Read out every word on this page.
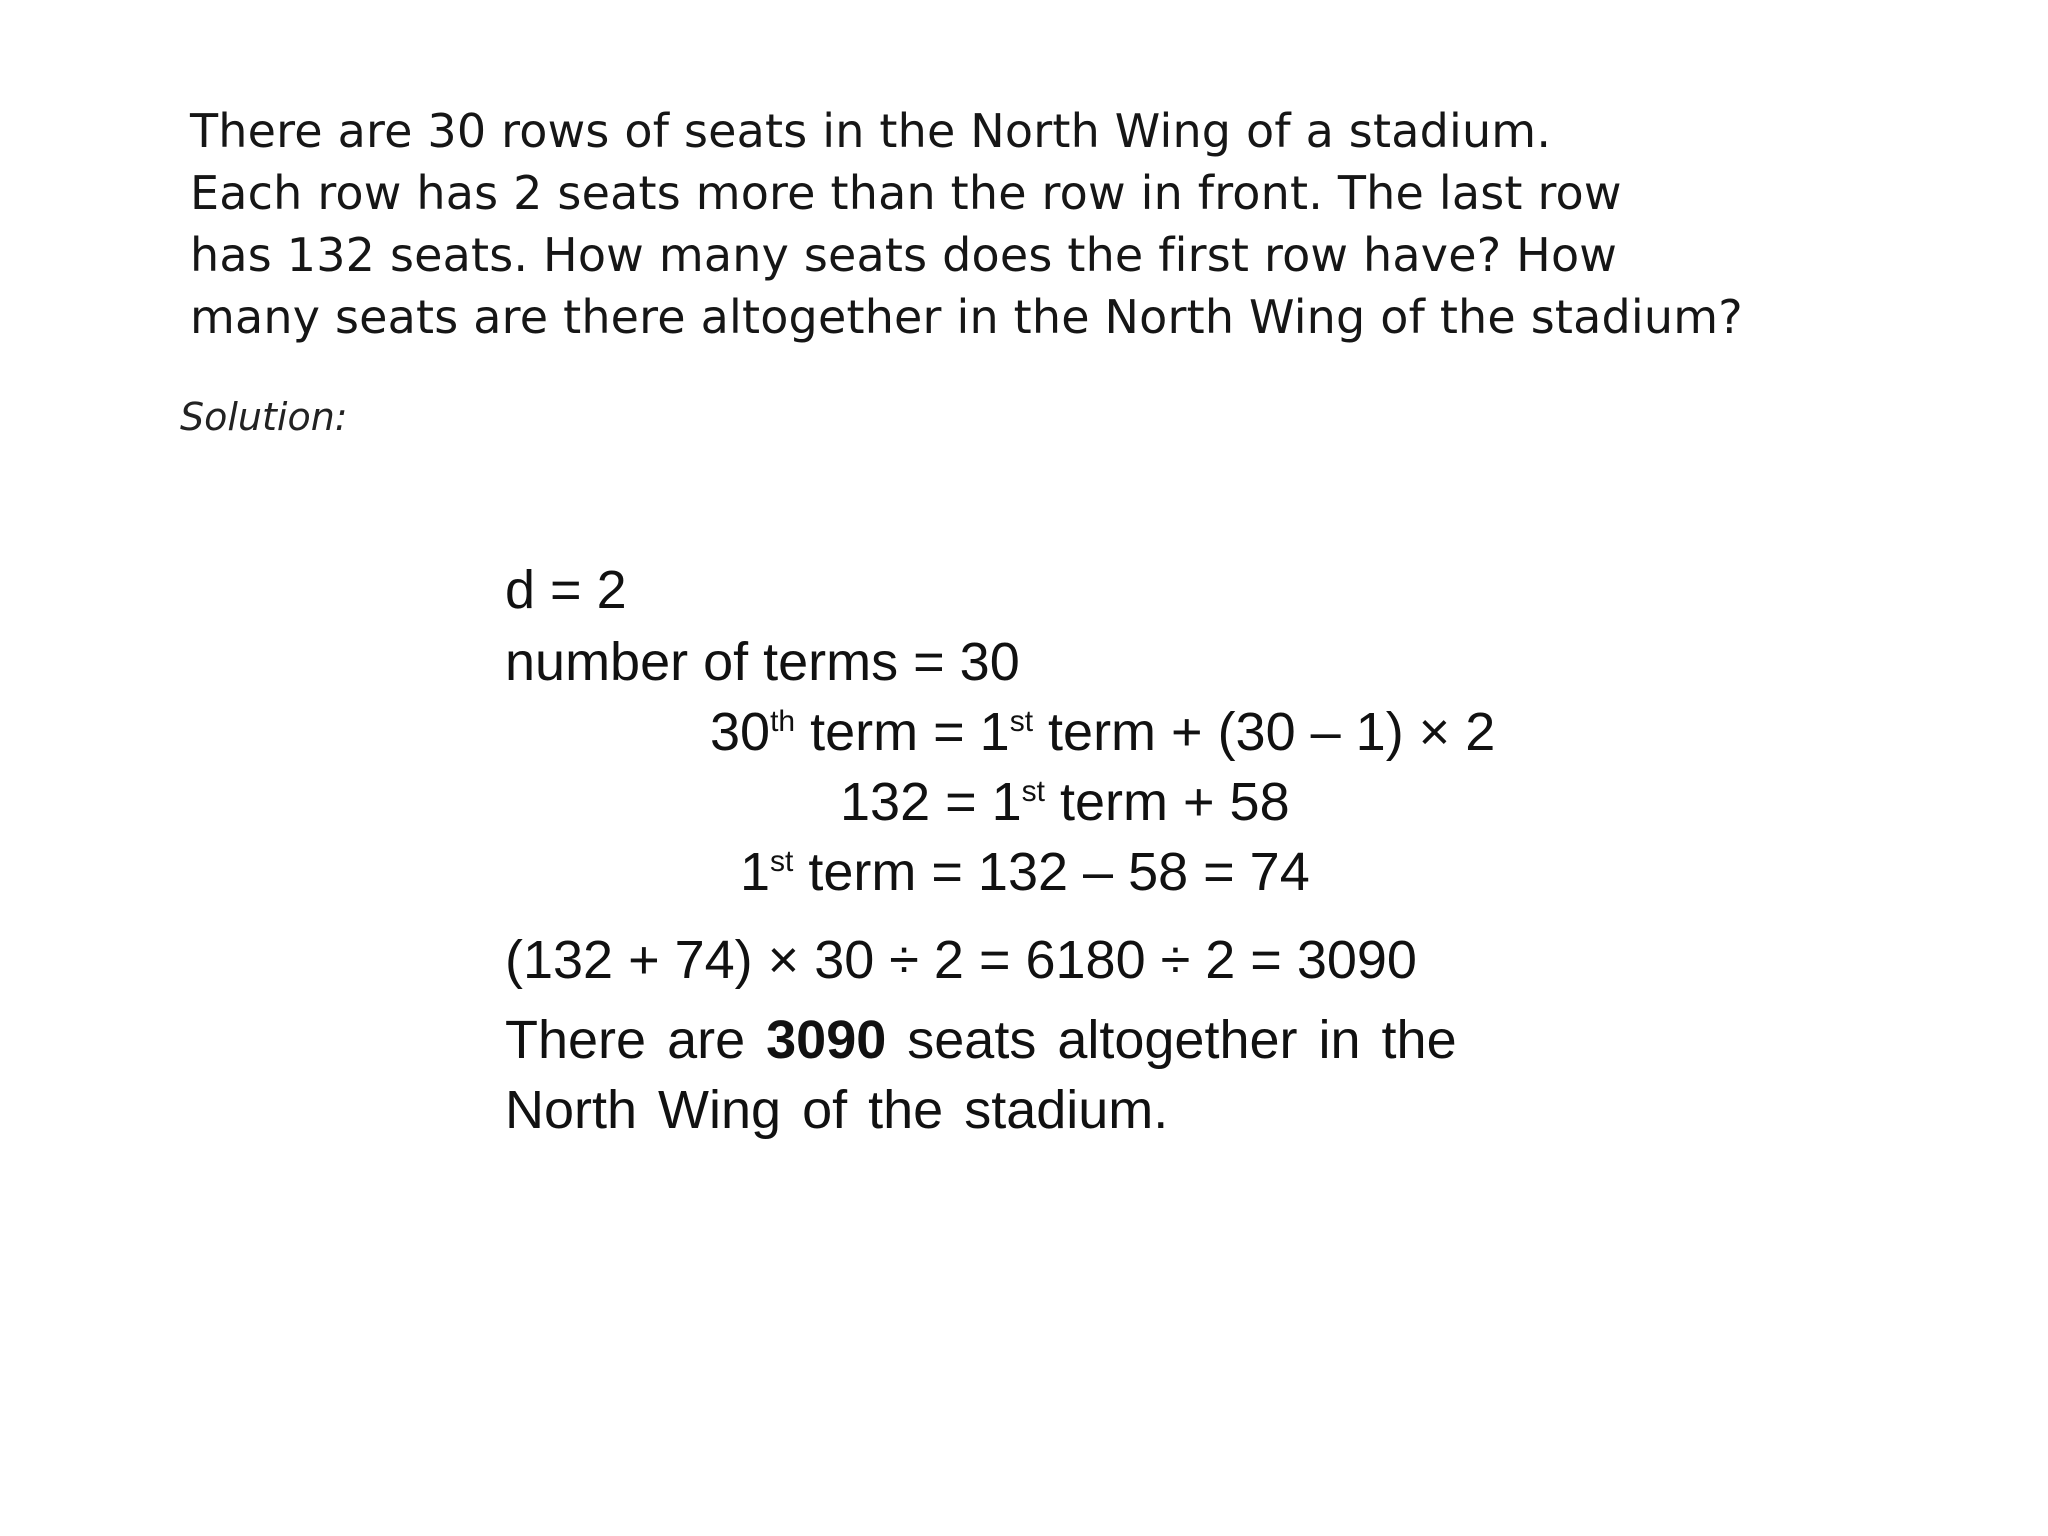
There are 30 rows of seats in the North Wing of a stadium.
Each row has 2 seats more than the row in front. The last row
has 132 seats. How many seats does the first row have? How
many seats are there altogether in the North Wing of the stadium?
Solution:
d = 2
number of terms = 30
30th term = 1st term + (30 – 1) × 2
132 = 1st term + 58
1st term = 132 – 58 = 74
(132 + 74) × 30 ÷ 2 = 6180 ÷ 2 = 3090
There are 3090 seats altogether in the
North Wing of the stadium.
